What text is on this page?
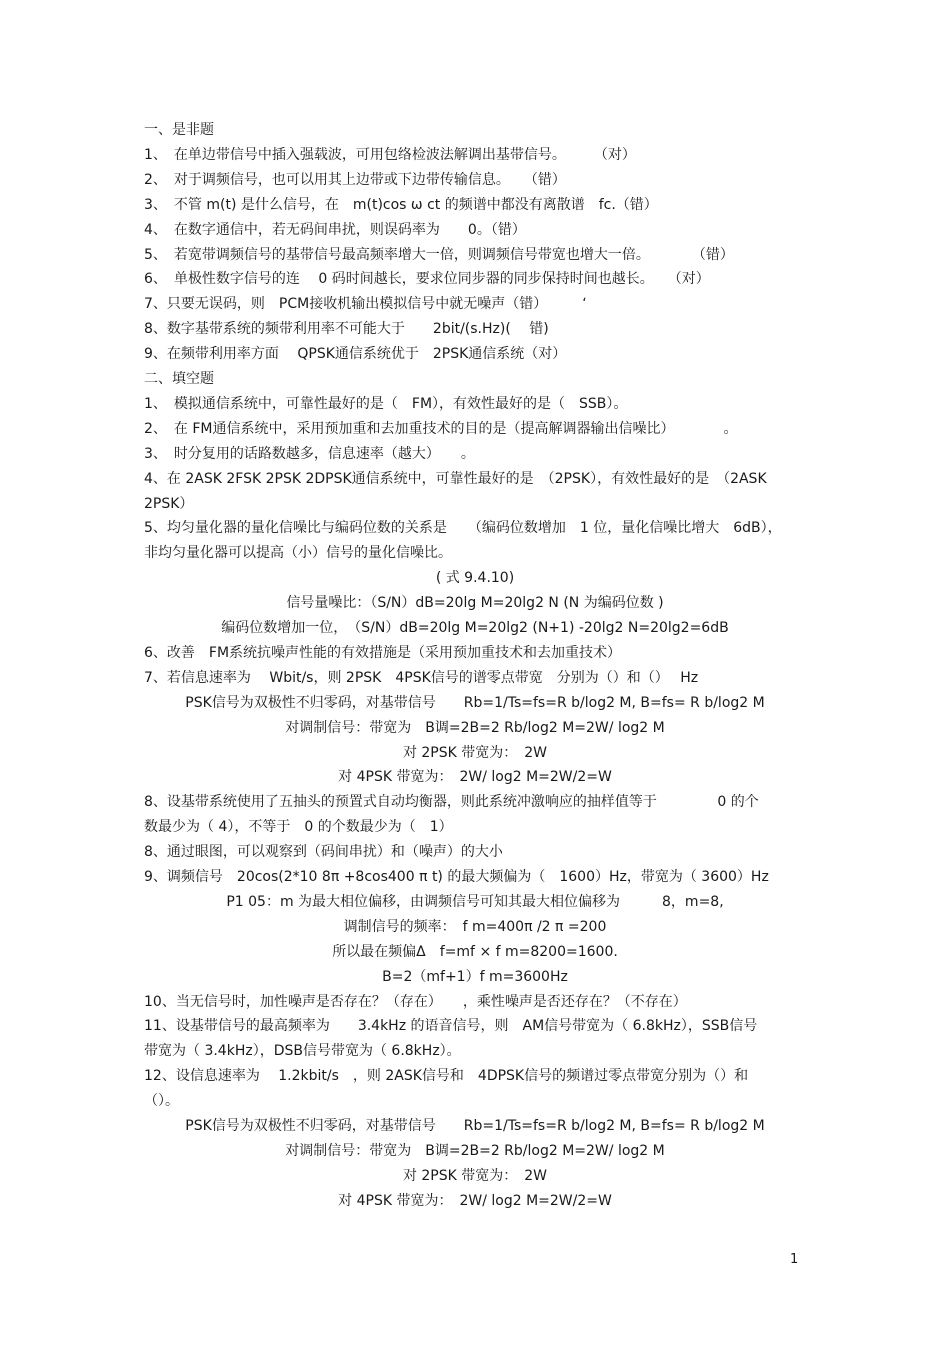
一、是非题
1、　在单边带信号中插入强载波，可用包络检波法解调出基带信号。　　　（对）
2、　对于调频信号，也可以用其上边带或下边带传输信息。　　（错）
3、　不管 m(t) 是什么信号，在　m(t)cos ω ct 的频谱中都没有离散谱　fc.（错）
4、　在数字通信中，若无码间串扰，则误码率为　　0。（错）
5、　若宽带调频信号的基带信号最高频率增大一倍，则调频信号带宽也增大一倍。　　　　（错）
6、　单极性数字信号的连　 0 码时间越长，要求位同步器的同步保持时间也越长。　　（对）
7、只要无误码，则　PCM接收机输出模拟信号中就无噪声（错）　　　‘
8、数字基带系统的频带利用率不可能大于　　2bit/(s.Hz)(　 错)
9、在频带利用率方面　 QPSK通信系统优于　2PSK通信系统（对）
二、填空题
1、　模拟通信系统中，可靠性最好的是（　FM），有效性最好的是（　SSB）。
2、　在 FM通信系统中，采用预加重和去加重技术的目的是（提高解调器输出信噪比）　　　　。
3、　时分复用的话路数越多，信息速率（越大）　　。
4、在 2ASK 2FSK 2PSK 2DPSK通信系统中，可靠性最好的是　（2PSK），有效性最好的是　（2ASK
2PSK）
5、均匀量化器的量化信噪比与编码位数的关系是　　（编码位数增加　1 位，量化信噪比增大　6dB），
非均匀量化器可以提高（小）信号的量化信噪比。
( 式 9.4.10)
信号量噪比：（S/N）dB=20lg M=20lg2 N (N 为编码位数 )
编码位数增加一位，　（S/N）dB=20lg M=20lg2 (N+1) -20lg2 N=20lg2=6dB
6、改善　FM系统抗噪声性能的有效措施是（采用预加重技术和去加重技术）
7、若信息速率为　 Wbit/s，则 2PSK　4PSK信号的谱零点带宽　分别为（）和（）　 Hz
PSK信号为双极性不归零码，对基带信号　　Rb=1/Ts=fs=R b/log2 M, B=fs= R b/log2 M
对调制信号：带宽为　B调=2B=2 Rb/log2 M=2W/ log2 M
对 2PSK 带宽为：　2W
对 4PSK 带宽为：　2W/ log2 M=2W/2=W
8、设基带系统使用了五抽头的预置式自动均衡器，则此系统冲激响应的抽样值等于　　　　 0 的个
数最少为（ 4），不等于　0 的个数最少为（　1）
8、通过眼图，可以观察到（码间串扰）和（噪声）的大小
9、调频信号　20cos(2*10 8π +8cos400 π t) 的最大频偏为（　1600）Hz，带宽为（ 3600）Hz
P1 05：m 为最大相位偏移，由调频信号可知其最大相位偏移为　　　8，m=8,
调制信号的频率：　f m=400π /2 π =200
所以最在频偏Δ　f=mf × f m=8200=1600.
B=2（mf+1）f m=3600Hz
10、当无信号时，加性噪声是否存在？（存在）　　，乘性噪声是否还存在？（不存在）
11、设基带信号的最高频率为　　3.4kHz 的语音信号，则　AM信号带宽为（ 6.8kHz），SSB信号
带宽为（ 3.4kHz），DSB信号带宽为（ 6.8kHz）。
12、设信息速率为　 1.2kbit/s　，则 2ASK信号和　4DPSK信号的频谱过零点带宽分别为（）和
（）。
PSK信号为双极性不归零码，对基带信号　　Rb=1/Ts=fs=R b/log2 M, B=fs= R b/log2 M
对调制信号：带宽为　B调=2B=2 Rb/log2 M=2W/ log2 M
对 2PSK 带宽为：　2W
对 4PSK 带宽为：　2W/ log2 M=2W/2=W
1
